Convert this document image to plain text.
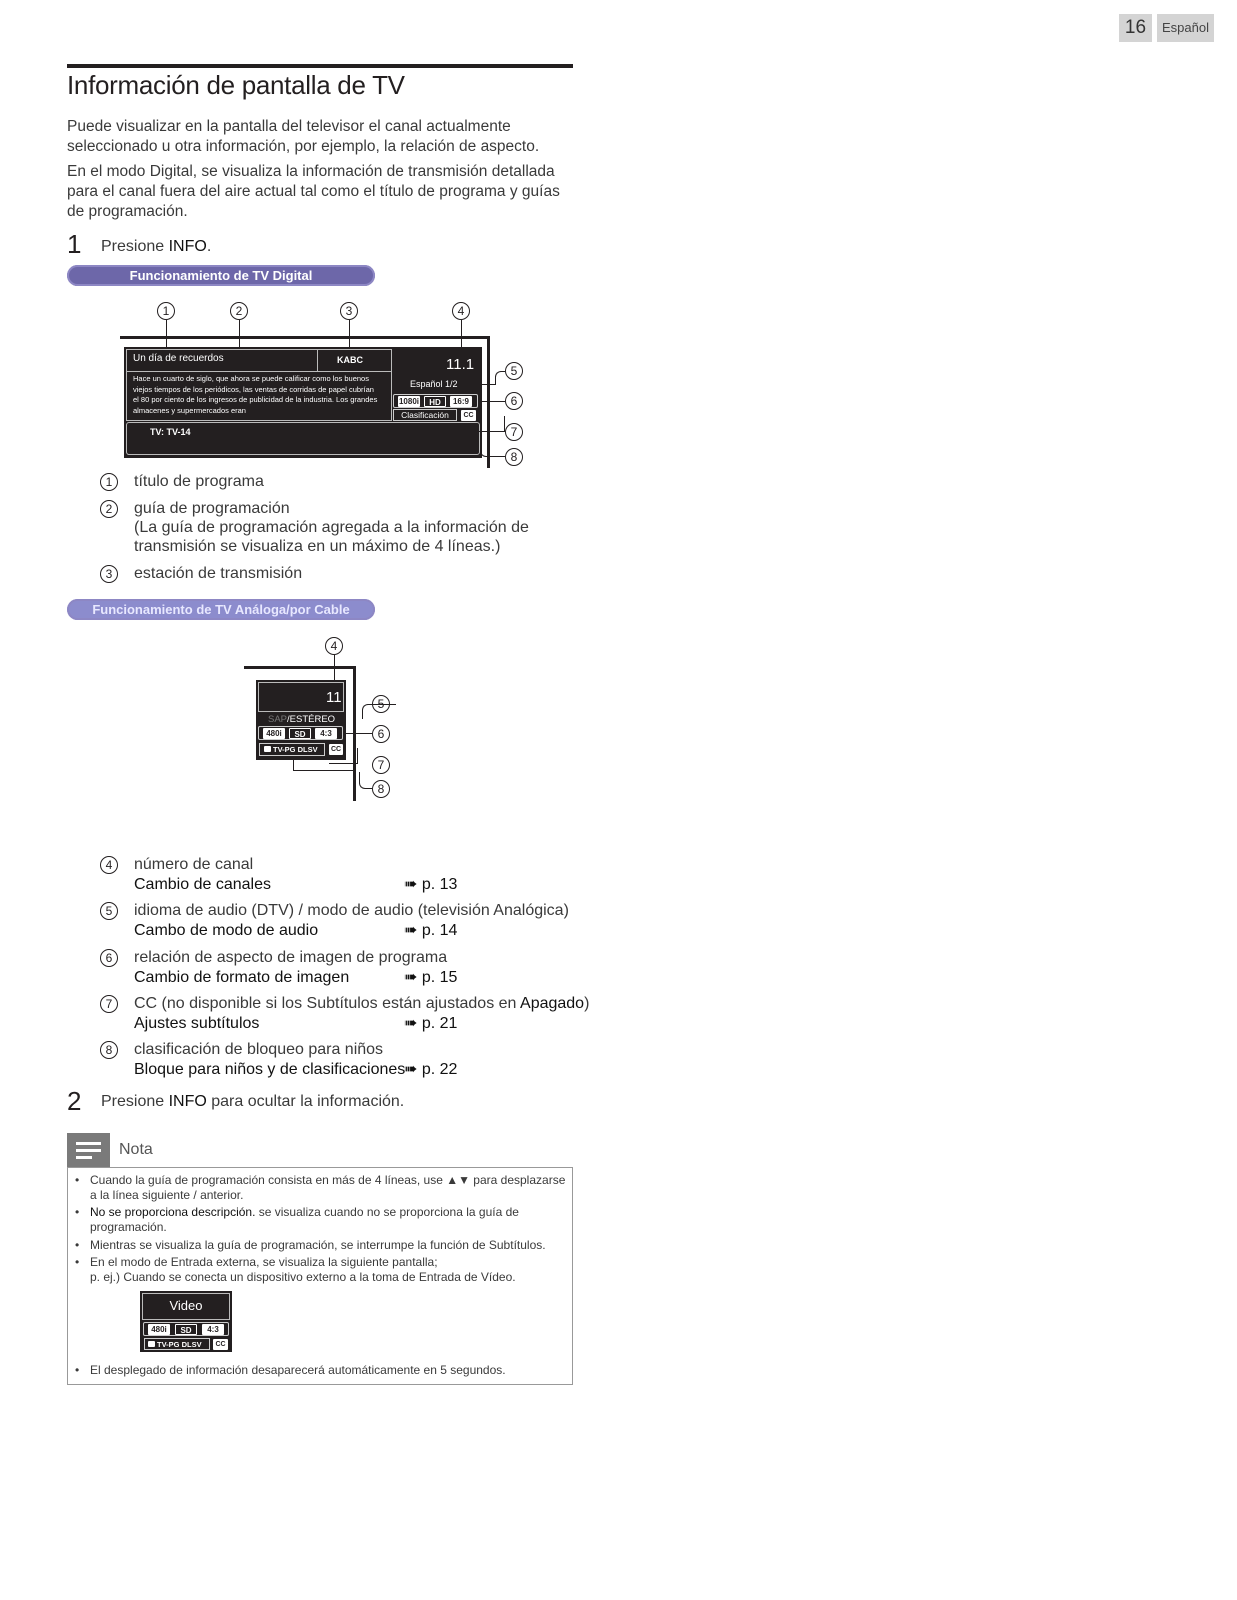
16	Español
Información de pantalla de TV
Puede visualizar en la pantalla del televisor el canal actualmente seleccionado u otra información, por ejemplo, la relación de aspecto.
En el modo Digital, se visualiza la información de transmisión detallada para el canal fuera del aire actual tal como el título de programa y guías de programación.
1 Presione INFO.
Funcionamiento de TV Digital
1	2	3	4
Un día de recuerdos	KABC	11.1
Hace un cuarto de siglo, que ahora se puede calificar como los buenos viejos tiempos de los periódicos, las ventas de corridas de papel cubrían el 80 por ciento de los ingresos de publicidad de la industria. Los grandes almacenes y supermercados eran
Español 1/2
1080i	HD	16:9
Clasificación	CC
TV: TV-14
5
6
7
8
1	título de programa
2	guía de programación
(La guía de programación agregada a la información de
transmisión se visualiza en un máximo de 4 líneas.)
3	estación de transmisión
Funcionamiento de TV Análoga/por Cable
4
11
SAP/ESTÉREO
480i	SD	4:3
TV-PG DLSV	CC
5
6
7
8
4	número de canal
Cambio de canales	➠ p. 13
5	idioma de audio (DTV) / modo de audio (televisión Analógica)
Cambo de modo de audio	➠ p. 14
6	relación de aspecto de imagen de programa
Cambio de formato de imagen	➠ p. 15
7	CC (no disponible si los Subtítulos están ajustados en Apagado)
Ajustes subtítulos	➠ p. 21
8	clasificación de bloqueo para niños
Bloque para niños y de clasificaciones
➠ p. 22
2 Presione INFO para ocultar la información.
Nota
• Cuando la guía de programación consista en más de 4 líneas, use ▲▼ para desplazarse
a la línea siguiente / anterior.
• No se proporciona descripción. se visualiza cuando no se proporciona la guía de
programación.
• Mientras se visualiza la guía de programación, se interrumpe la función de Subtítulos.
• En el modo de Entrada externa, se visualiza la siguiente pantalla;
p. ej.) Cuando se conecta un dispositivo externo a la toma de Entrada de Vídeo.
Video
480i	SD	4:3
TV-PG DLSV	CC
• El desplegado de información desaparecerá automáticamente en 5 segundos.
